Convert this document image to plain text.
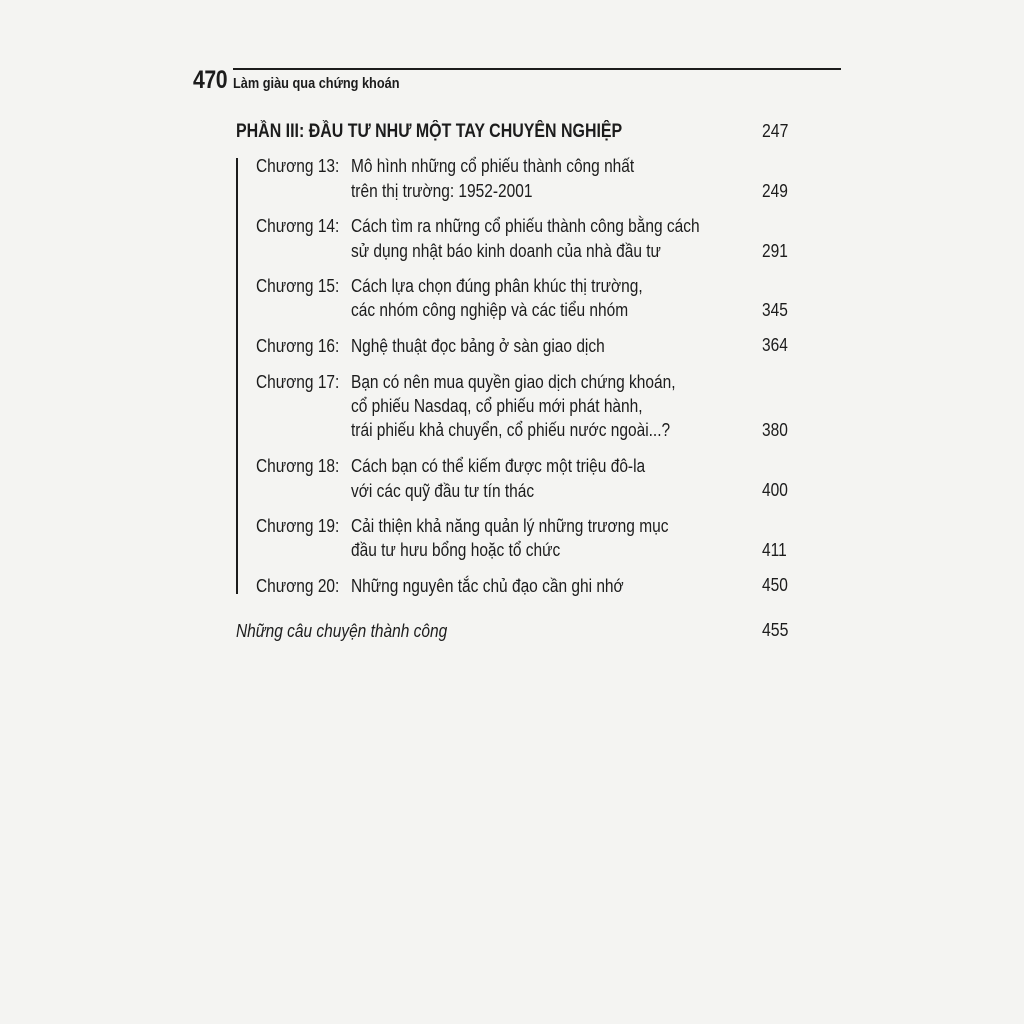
470 Làm giàu qua chứng khoán
PHẦN III: ĐẦU TƯ NHƯ MỘT TAY CHUYÊN NGHIỆP	247
Chương 13: Mô hình những cổ phiếu thành công nhất
trên thị trường: 1952-2001	249
Chương 14: Cách tìm ra những cổ phiếu thành công bằng cách
sử dụng nhật báo kinh doanh của nhà đầu tư	291
Chương 15: Cách lựa chọn đúng phân khúc thị trường,
các nhóm công nghiệp và các tiểu nhóm	345
Chương 16: Nghệ thuật đọc bảng ở sàn giao dịch	364
Chương 17: Bạn có nên mua quyền giao dịch chứng khoán,
cổ phiếu Nasdaq, cổ phiếu mới phát hành,
trái phiếu khả chuyển, cổ phiếu nước ngoài...?	380
Chương 18: Cách bạn có thể kiếm được một triệu đô-la
với các quỹ đầu tư tín thác	400
Chương 19: Cải thiện khả năng quản lý những trương mục
đầu tư hưu bổng hoặc tổ chức	411
Chương 20: Những nguyên tắc chủ đạo cần ghi nhớ	450
Những câu chuyện thành công	455
